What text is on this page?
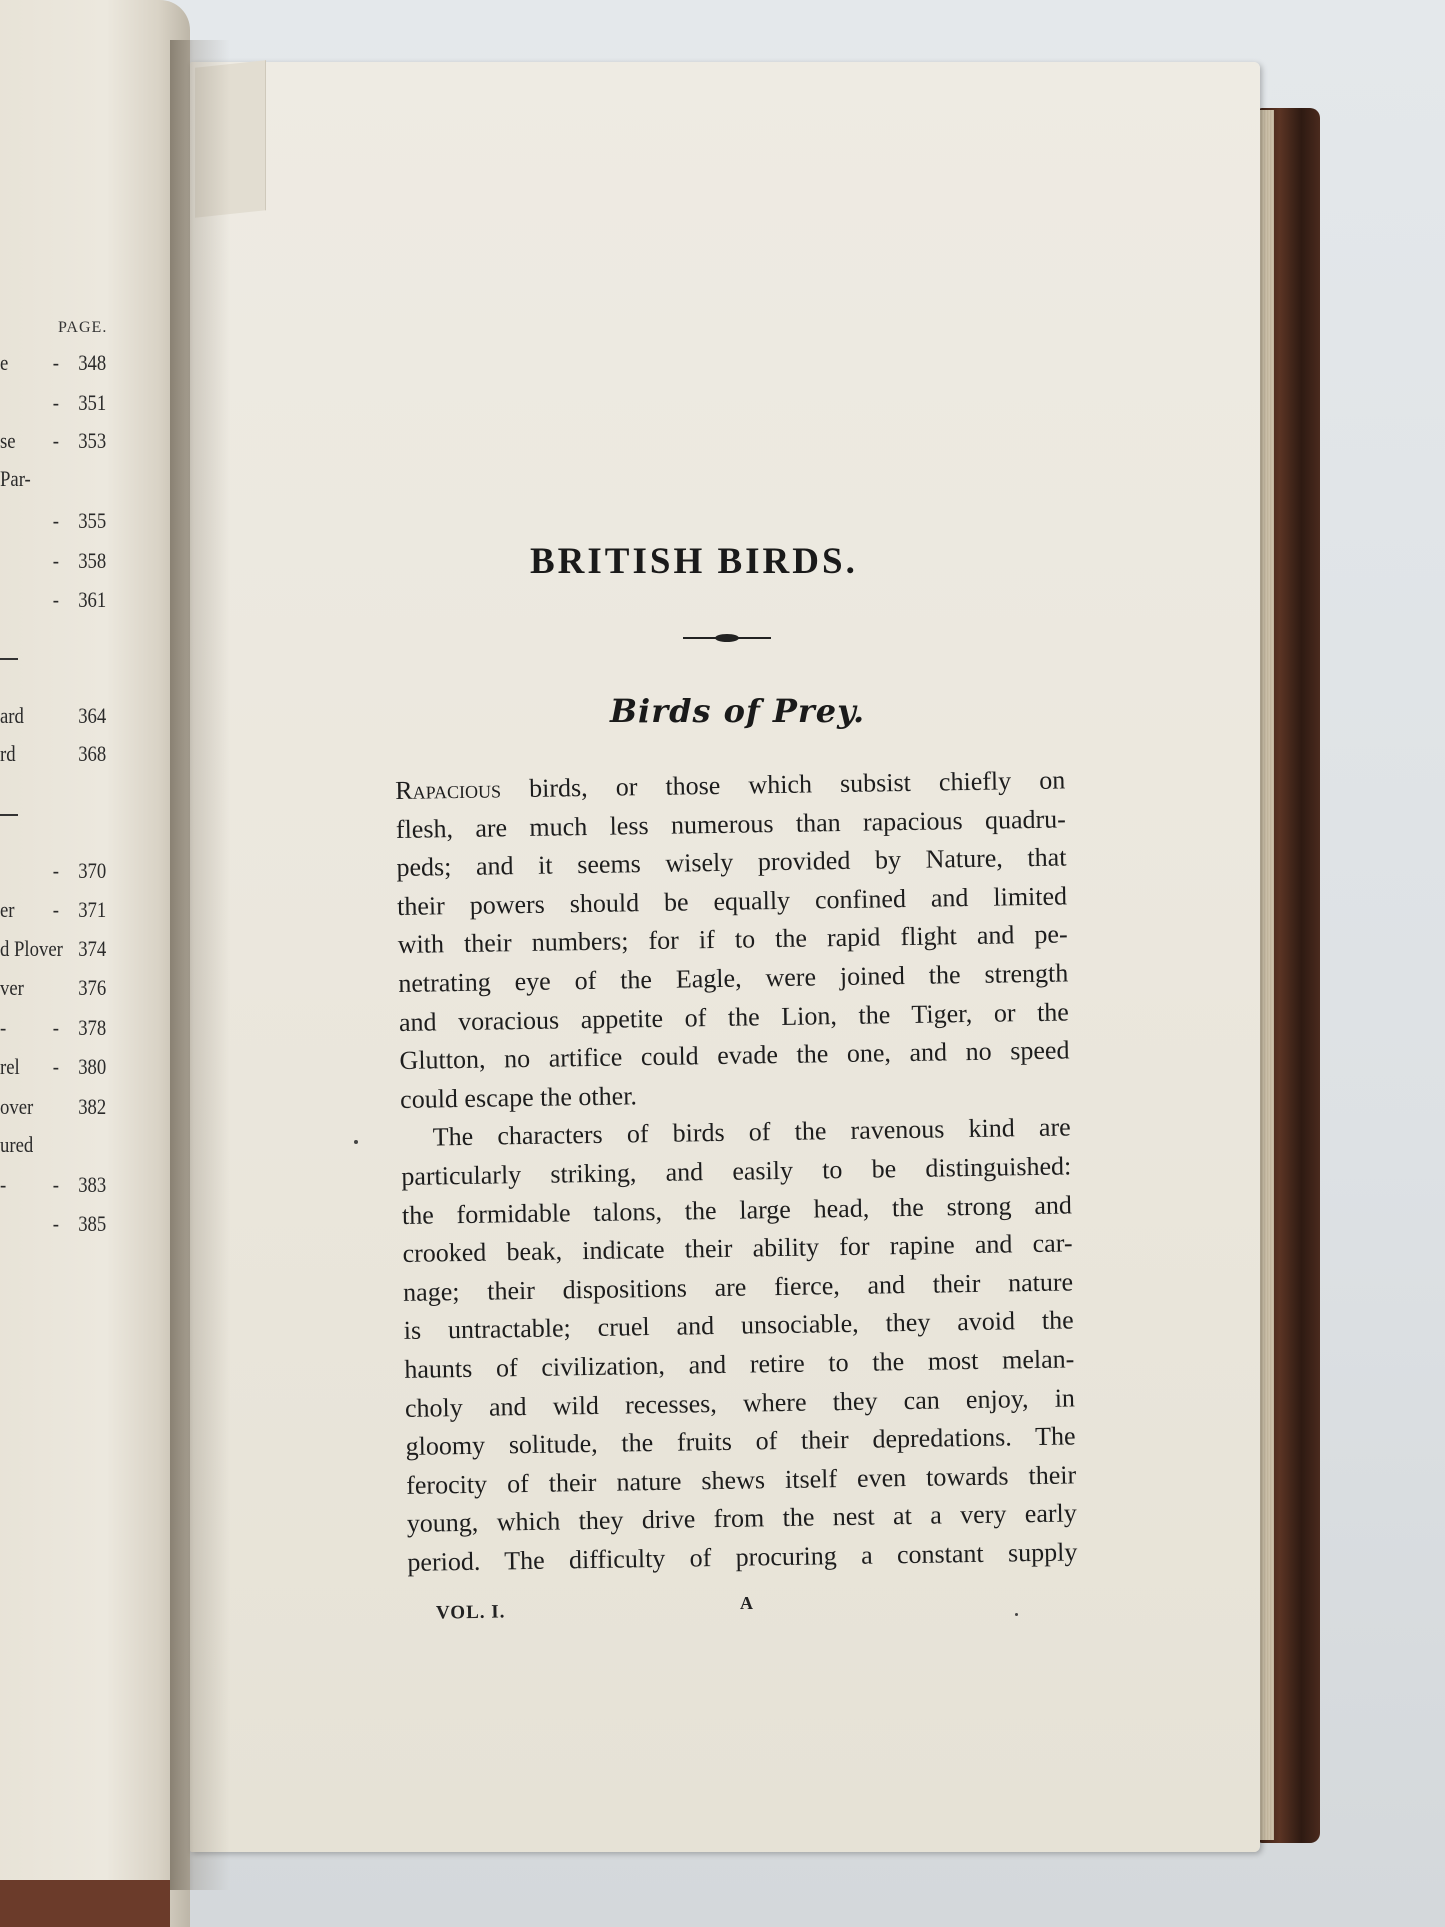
PAGE.
e - 348
- 351
se - 353
Par-
- 355
- 358
- 361
ard 364
rd	368
- 370
er - 371
d Plover 374
ver 376
- - 378
rel - 380
over 382
ured
- - 383
- 385
BRITISH BIRDS.
Birds of Prey.
Rapacious birds, or those which subsist chiefly on
flesh, are much less numerous than rapacious quadru-
peds; and it seems wisely provided by Nature, that
their powers should be equally confined and limited
with their numbers; for if to the rapid flight and pe-
netrating eye of the Eagle, were joined the strength
and voracious appetite of the Lion, the Tiger, or the
Glutton, no artifice could evade the one, and no speed
could escape the other.
The characters of birds of the ravenous kind are
particularly striking, and easily to be distinguished:
the formidable talons, the large head, the strong and
crooked beak, indicate their ability for rapine and car-
nage; their dispositions are fierce, and their nature
is untractable; cruel and unsociable, they avoid the
haunts of civilization, and retire to the most melan-
choly and wild recesses, where they can enjoy, in
gloomy solitude, the fruits of their depredations. The
ferocity of their nature shews itself even towards their
young, which they drive from the nest at a very early
period. The difficulty of procuring a constant supply
VOL. I.	A
